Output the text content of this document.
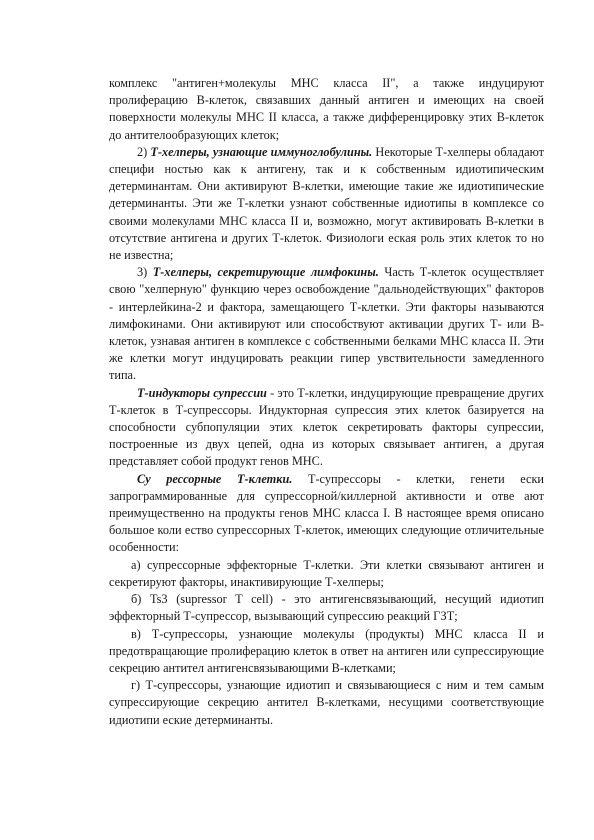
комплекс "антиген+молекулы МНС класса II", а также индуцируют пролиферацию В-клеток, связавших данный антиген и имеющих на своей поверхности молекулы МНС II класса, а также дифференцировку этих В-клеток до антителообразующих клеток;

2) Т-хелперы, узнающие иммуноглобулины. Некоторые Т-хелперы обладают специфи ностью как к антигену, так и к собственным идиотипическим детерминантам. Они активируют В-клетки, имеющие такие же идиотипические детерминанты. Эти же Т-клетки узнают собственные идиотипы в комплексе со своими молекулами МНС класса II и, возможно, могут активировать В-клетки в отсутствие антигена и других Т-клеток. Физиологи еская роль этих клеток то но не известна;

3) Т-хелперы, секретирующие лимфокины. Часть Т-клеток осуществляет свою "хелперную" функцию через освобождение "дальнодействующих" факторов - интерлейкина-2 и фактора, замещающего Т-клетки. Эти факторы называются лимфокинами. Они активируют или способствуют активации других Т- или В-клеток, узнавая антиген в комплексе с собственными белками МНС класса II. Эти же клетки могут индуцировать реакции гипер увствительности замедленного типа.

Т-индукторы супрессии - это Т-клетки, индуцирующие превращение других Т-клеток в Т-супрессоры. Индукторная супрессия этих клеток базируется на способности субпопуляции этих клеток секретировать факторы супрессии, построенные из двух цепей, одна из которых связывает антиген, а другая представляет собой продукт генов МНС.

Су рессорные Т-клетки. Т-супрессоры - клетки, генети ески запрограммированные для супрессорной/киллерной активности и отве ают преимущественно на продукты генов МНС класса I. В настоящее время описано большое коли ество супрессорных Т-клеток, имеющих следующие отличительные особенности:

а) супрессорные эффекторные Т-клетки. Эти клетки связывают антиген и секретируют факторы, инактивирующие Т-хелперы;

б) Ts3 (supressor T cell) - это антигенсвязывающий, несущий идиотип эффекторный Т-супрессор, вызывающий супрессию реакций ГЗТ;

в) Т-супрессоры, узнающие молекулы (продукты) МНС класса II и предотвращающие пролиферацию клеток в ответ на антиген или супрессирующие секрецию антител антигенсвязывающими В-клетками;

г) Т-супрессоры, узнающие идиотип и связывающиеся с ним и тем самым супрессирующие секрецию антител В-клетками, несущими соответствующие идиотипи еские детерминанты.
